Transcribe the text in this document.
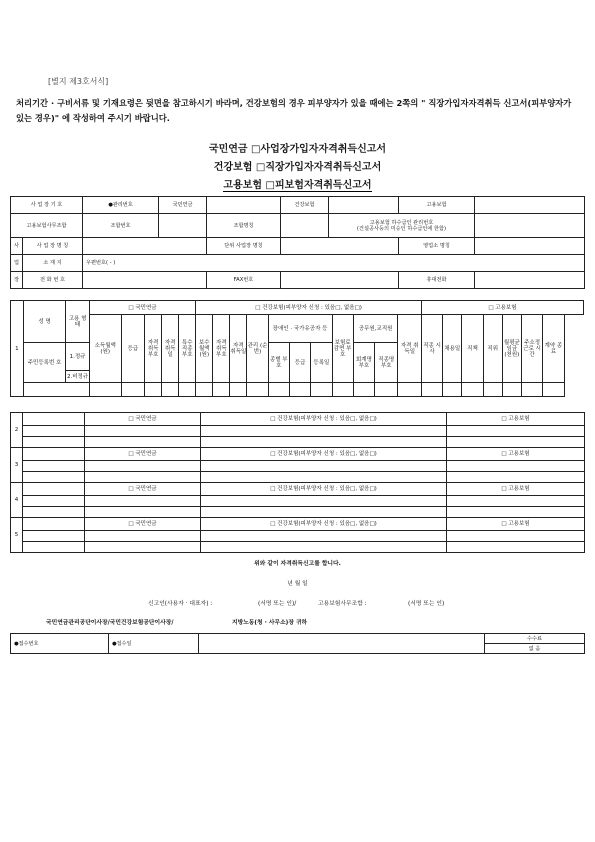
[별지 제3호서식]
처리기간 · 구비서류 및 기재요령은 뒷면을 참고하시기 바라며, 건강보험의 경우 피부양자가 있을 때에는 2쪽의 " 직장가입자자격취득 신고서(피부양자가 있는 경우)" 에 작성하여 주시기 바랍니다.
국민연금 □사업장가입자자격취득신고서
건강보험 □직장가입자자격취득신고서
고용보험 □피보험자격취득신고서
사 업 장 기 호		●관리번호	국민연금		건강보험		고용보험	
고용보험사무조합		조합번호		조합명칭		고용보험 하수급인 관리번호
(건설공사등의 미승인 하수급인에 한함)		

사	사 업 장 명 칭			단위 사업장 명칭			영업소 명칭	
업	소 재 지	우편번호( - )						
장	전 화 번 호			FAX번호			휴대전화	
1	성 명	고용 형태	□ 국민연금					□ 건강보험(피부양자 신청 : 있음□, 없음□)											□ 고용보험						
			소득월액 (원)	등급	자격 취득 부호	자격 취득 일	특수 직종 부호	보수 월액 (원)	자격 취득 부호	자격 취득일	관리 (순번)	장애인 · 국가유공자 등			보험료 감면 부호	공무원,교직원		자격 취득일	직종 시사	채용일	직책	직위	월평균 임금 (천원)	주소정 근로 시간	계약 종료
	주민등록번 호	1.정규										종별 부호	등급	등록일		회계명 부호	직종명 부호								
		2.비정규																							

2		□ 국민연금	□ 건강보험(피부양자 신청 : 있음□, 없음□)	□ 고용보험

3		□ 국민연금	□ 건강보험(피부양자 신청 : 있음□, 없음□)	□ 고용보험

4		□ 국민연금	□ 건강보험(피부양자 신청 : 있음□, 없음□)	□ 고용보험

5		□ 국민연금	□ 건강보험(피부양자 신청 : 있음□, 없음□)	□ 고용보험

위와 같이 자격취득신고를 합니다.
년 월 일
신고인(사용자 · 대표자) :	(서명 또는 인)/	고용보험사무조합 :	(서명 또는 인)
국민연금관리공단이사장/국민건강보험공단이사장/	지방노동(청 · 사무소)장 귀하
●접수번호	●접수일		수수료
없 음
